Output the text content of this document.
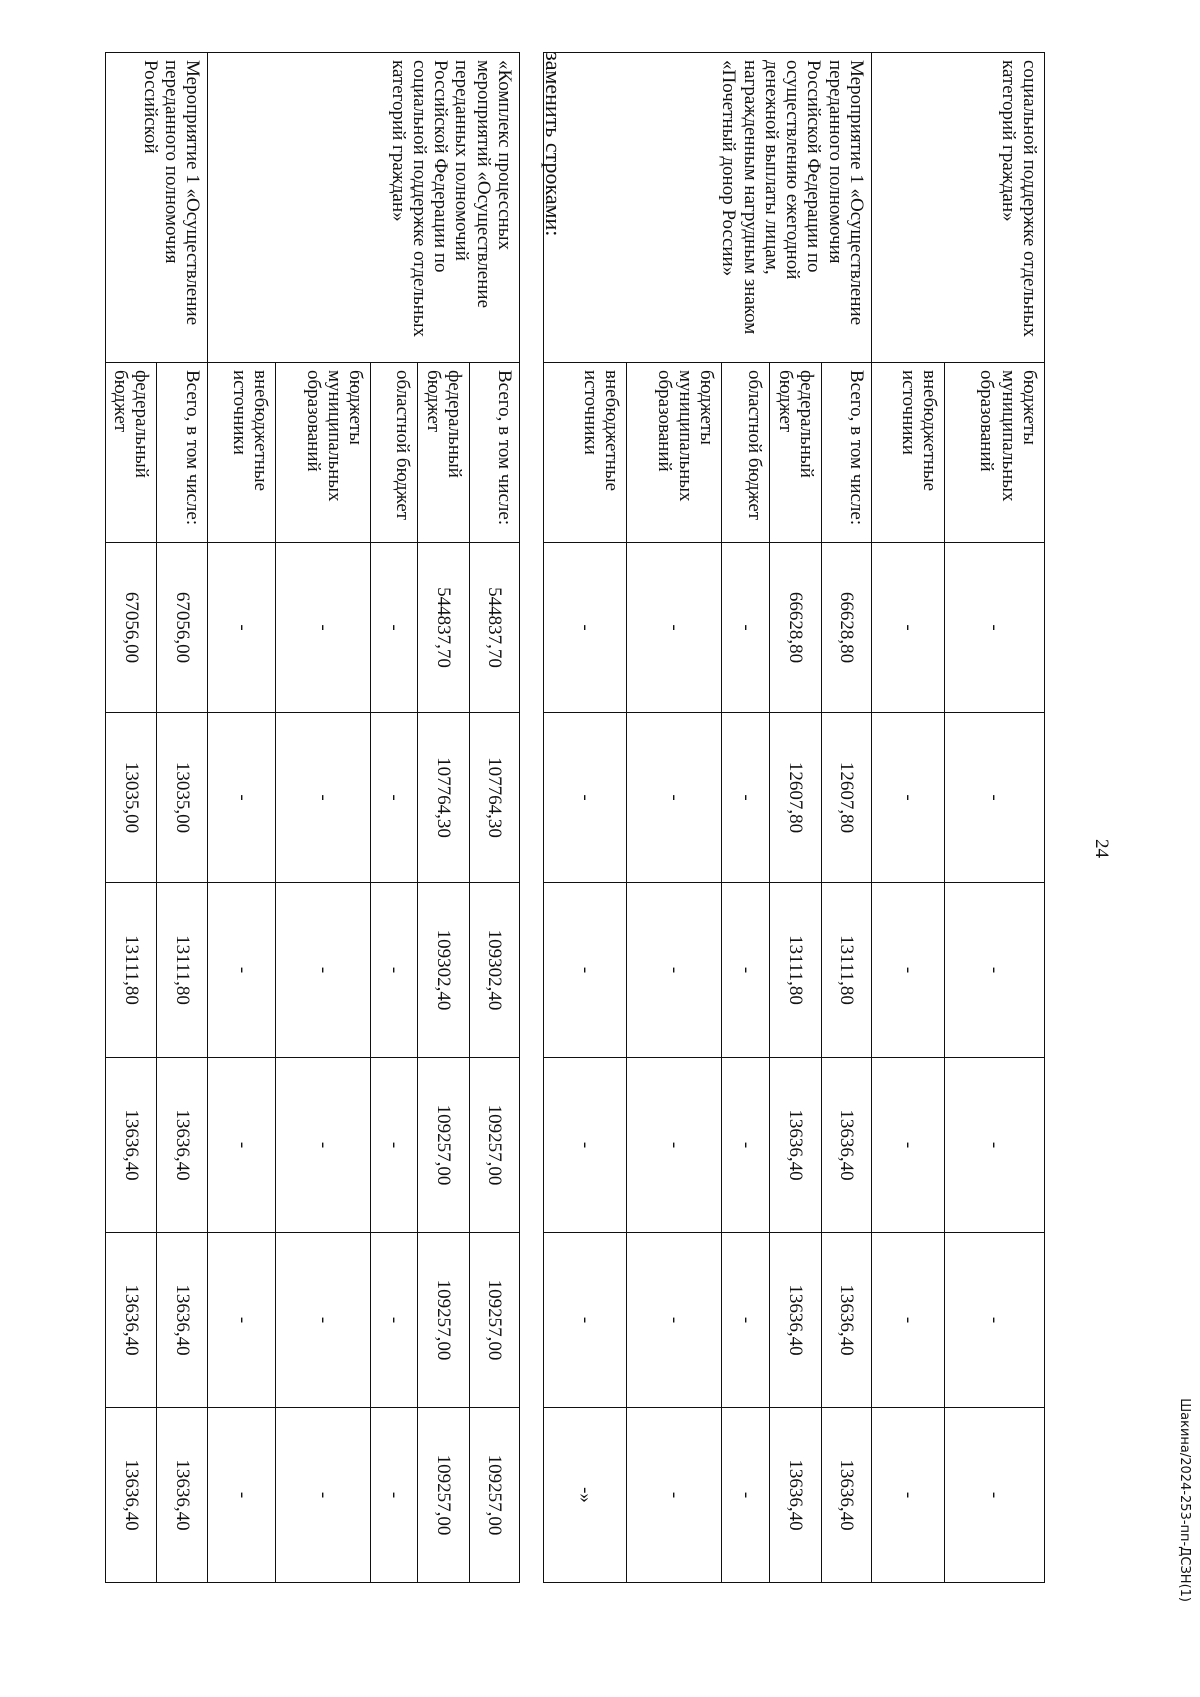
24
Шакина/2024-253-пп-ДСЗН(1)
социальной поддержке отдельных категорий граждан»	бюджеты муниципальных образований	-	-	-	-	-	-	
	внебюджетные источники	-	-	-	-	-	-	
Мероприятие 1 «Осуществление переданного полномочия Российской Федерации по осуществлению ежегодной денежной выплаты лицам, награжденным нагрудным знаком «Почетный донор России»	Всего, в том числе:	66628,80	12607,80	13111,80	13636,40	13636,40	13636,40	
	федеральный бюджет	66628,80	12607,80	13111,80	13636,40	13636,40	13636,40	
	областной бюджет	-	-	-	-	-	-	
	бюджеты муниципальных образований	-	-	-	-	-	-	
	внебюджетные источники	-	-	-	-	-	-»	
заменить строками:
«Комплекс процессных мероприятий «Осуществление переданных полномочий Российской Федерации по социальной поддержке отдельных категорий граждан»	Всего, в том числе:	544837,70	107764,30	109302,40	109257,00	109257,00	109257,00
	федеральный бюджет	544837,70	107764,30	109302,40	109257,00	109257,00	109257,00
	областной бюджет	-	-	-	-	-	-
	бюджеты муниципальных образований	-	-	-	-	-	-
	внебюджетные источники	-	-	-	-	-	-
Мероприятие 1 «Осуществление переданного полномочия Российской	Всего, в том числе:	67056,00	13035,00	13111,80	13636,40	13636,40	13636,40
	федеральный бюджет	67056,00	13035,00	13111,80	13636,40	13636,40	13636,40
